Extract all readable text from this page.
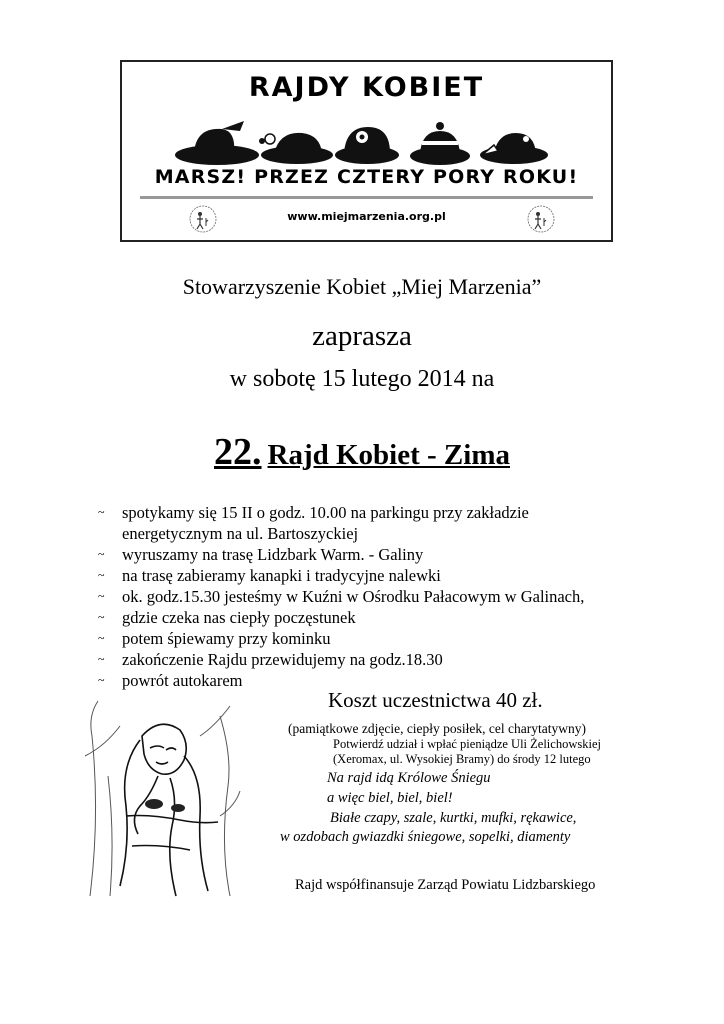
RAJDY KOBIET
MARSZ! PRZEZ CZTERY PORY ROKU!
www.miejmarzenia.org.pl
Stowarzyszenie Kobiet „Miej Marzenia”
zaprasza
w sobotę 15 lutego 2014 na
22. Rajd Kobiet - Zima
~ spotykamy się 15 II o godz. 10.00 na parkingu przy zakładzie
energetycznym na ul. Bartoszyckiej
~ wyruszamy na trasę Lidzbark Warm. - Galiny
~ na trasę zabieramy kanapki i tradycyjne nalewki
~ ok. godz.15.30 jesteśmy w Kuźni w Ośrodku Pałacowym w Galinach,
~ gdzie czeka nas ciepły poczęstunek
~ potem śpiewamy przy kominku
~ zakończenie Rajdu przewidujemy na godz.18.30
~ powrót autokarem
Koszt uczestnictwa 40 zł.
(pamiątkowe zdjęcie, ciepły posiłek, cel charytatywny)
Potwierdź udział i wpłać pieniądze Uli Żelichowskiej
(Xeromax, ul. Wysokiej Bramy) do środy 12 lutego
Na rajd idą Królowe Śniegu
a więc biel, biel, biel!
Białe czapy, szale, kurtki, mufki, rękawice,
w ozdobach gwiazdki śniegowe, sopelki, diamenty
Rajd współfinansuje Zarząd Powiatu Lidzbarskiego
